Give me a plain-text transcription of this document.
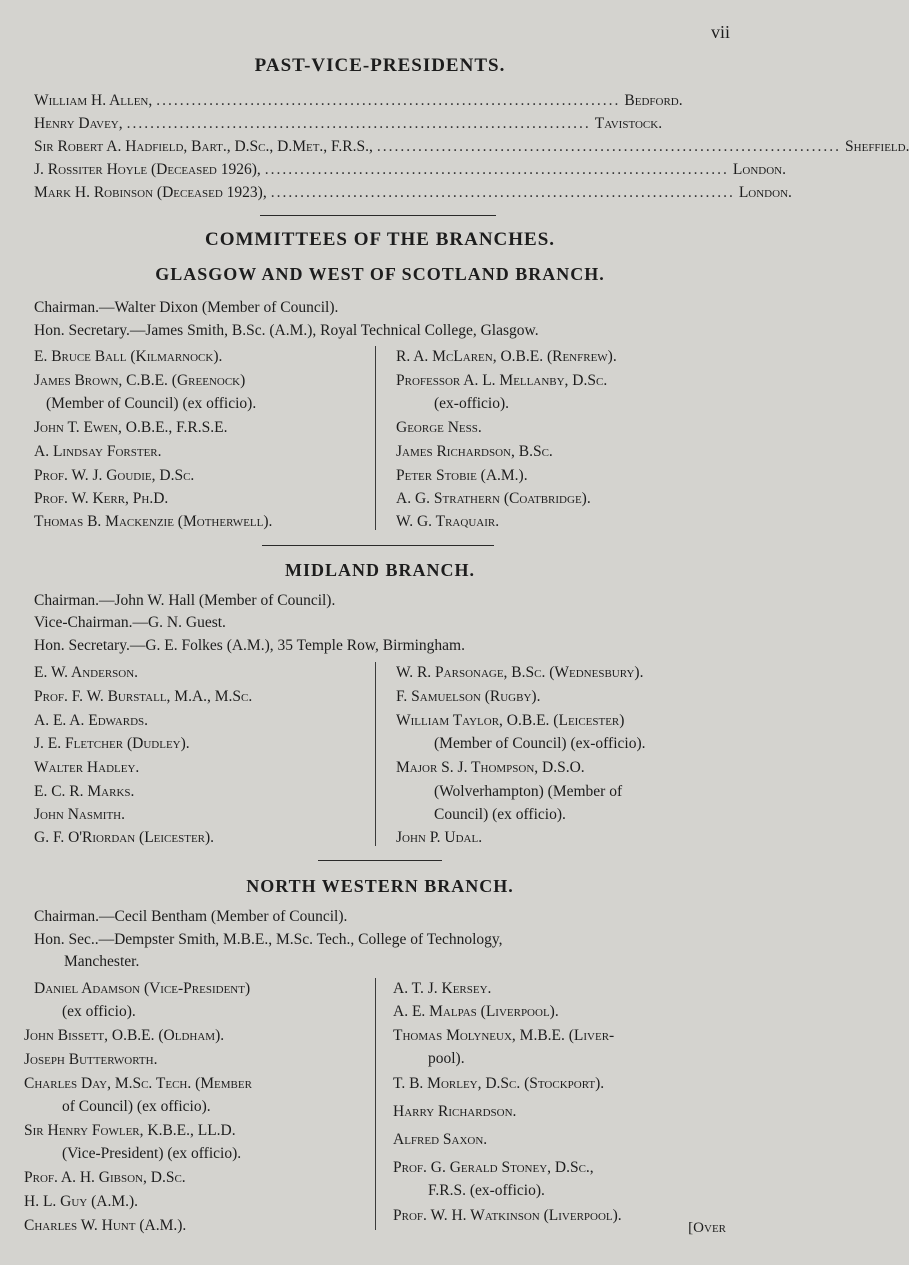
vii
PAST-VICE-PRESIDENTS.
William H. Allen, ............................................................................... Bedford.
Henry Davey, ............................................................................... Tavistock.
Sir Robert A. Hadfield, Bart., D.Sc., D.Met., F.R.S., ............................................................................... Sheffield.
J. Rossiter Hoyle (Deceased 1926), ............................................................................... London.
Mark H. Robinson (Deceased 1923), ............................................................................... London.
COMMITTEES OF THE BRANCHES.
GLASGOW AND WEST OF SCOTLAND BRANCH.
Chairman.—Walter Dixon (Member of Council).
Hon. Secretary.—James Smith, B.Sc. (A.M.), Royal Technical College, Glasgow.
E. Bruce Ball (Kilmarnock).
James Brown, C.B.E. (Greenock)
(Member of Council) (ex officio).
John T. Ewen, O.B.E., F.R.S.E.
A. Lindsay Forster.
Prof. W. J. Goudie, D.Sc.
Prof. W. Kerr, Ph.D.
Thomas B. Mackenzie (Motherwell).
R. A. McLaren, O.B.E. (Renfrew).
Professor A. L. Mellanby, D.Sc.
(ex-officio).
George Ness.
James Richardson, B.Sc.
Peter Stobie (A.M.).
A. G. Strathern (Coatbridge).
W. G. Traquair.
MIDLAND BRANCH.
Chairman.—John W. Hall (Member of Council).
Vice-Chairman.—G. N. Guest.
Hon. Secretary.—G. E. Folkes (A.M.), 35 Temple Row, Birmingham.
E. W. Anderson.
Prof. F. W. Burstall, M.A., M.Sc.
A. E. A. Edwards.
J. E. Fletcher (Dudley).
Walter Hadley.
E. C. R. Marks.
John Nasmith.
G. F. O'Riordan (Leicester).
W. R. Parsonage, B.Sc. (Wednesbury).
F. Samuelson (Rugby).
William Taylor, O.B.E. (Leicester)
(Member of Council) (ex-officio).
Major S. J. Thompson, D.S.O.
(Wolverhampton) (Member of
Council) (ex officio).
John P. Udal.
NORTH WESTERN BRANCH.
Chairman.—Cecil Bentham (Member of Council).
Hon. Sec..—Dempster Smith, M.B.E., M.Sc. Tech., College of Technology,
Manchester.
Daniel Adamson (Vice-President)
(ex officio).
John Bissett, O.B.E. (Oldham).
Joseph Butterworth.
Charles Day, M.Sc. Tech. (Member
of Council) (ex officio).
Sir Henry Fowler, K.B.E., LL.D.
(Vice-President) (ex officio).
Prof. A. H. Gibson, D.Sc.
H. L. Guy (A.M.).
Charles W. Hunt (A.M.).
A. T. J. Kersey.
A. E. Malpas (Liverpool).
Thomas Molyneux, M.B.E. (Liver-
pool).
T. B. Morley, D.Sc. (Stockport).
Harry Richardson.
Alfred Saxon.
Prof. G. Gerald Stoney, D.Sc.,
F.R.S. (ex-officio).
Prof. W. H. Watkinson (Liverpool).
[Over
